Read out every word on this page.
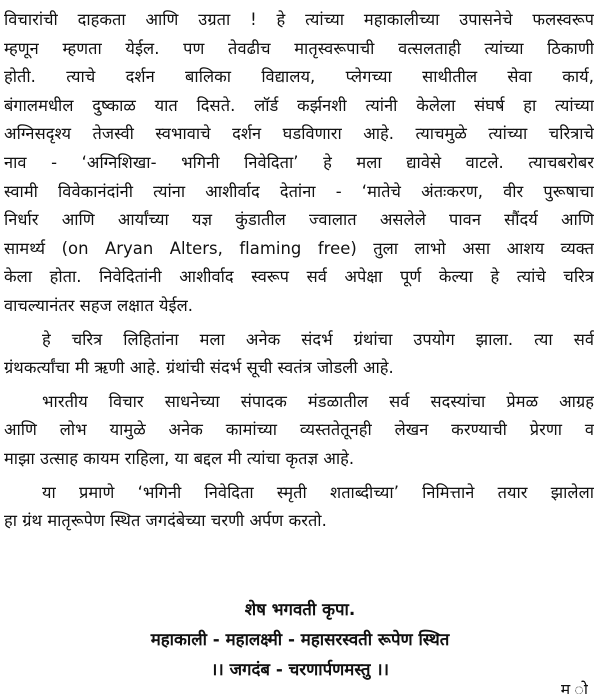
विचारांची दाहकता आणि उग्रता ! हे त्यांच्या महाकालीच्या उपासनेचे फलस्वरूप
म्हणून म्हणता येईल. पण तेवढीच मातृस्वरूपाची वत्सलताही त्यांच्या ठिकाणी
होती. त्याचे दर्शन बालिका विद्यालय, प्लेगच्या साथीतील सेवा कार्य,
बंगालमधील दुष्काळ यात दिसते. लॉर्ड कर्झनशी त्यांनी केलेला संघर्ष हा त्यांच्या
अग्निसदृश्य तेजस्वी स्वभावाचे दर्शन घडविणारा आहे. त्याचमुळे त्यांच्या चरित्राचे
नाव - ‘अग्निशिखा- भगिनी निवेदिता’ हे मला द्यावेसे वाटले. त्याचबरोबर
स्वामी विवेकानंदांनी त्यांना आशीर्वाद देतांना - ‘मातेचे अंतःकरण, वीर पुरूषाचा
निर्धार आणि आर्यांच्या यज्ञ कुंडातील ज्वालात असलेले पावन सौंदर्य आणि
सामर्थ्य (on Aryan Alters, flaming free) तुला लाभो असा आशय व्यक्त
केला होता. निवेदितांनी आशीर्वाद स्वरूप सर्व अपेक्षा पूर्ण केल्या हे त्यांचे चरित्र
वाचल्यानंतर सहज लक्षात येईल.
हे चरित्र लिहितांना मला अनेक संदर्भ ग्रंथांचा उपयोग झाला. त्या सर्व
ग्रंथकर्त्यांचा मी ऋणी आहे. ग्रंथांची संदर्भ सूची स्वतंत्र जोडली आहे.
भारतीय विचार साधनेच्या संपादक मंडळातील सर्व सदस्यांचा प्रेमळ आग्रह
आणि लोभ यामुळे अनेक कामांच्या व्यस्ततेतूनही लेखन करण्याची प्रेरणा व
माझा उत्साह कायम राहिला, या बद्दल मी त्यांचा कृतज्ञ आहे.
या प्रमाणे ‘भगिनी निवेदिता स्मृती शताब्दीच्या’ निमित्ताने तयार झालेला
हा ग्रंथ मातृरूपेण स्थित जगदंबेच्या चरणी अर्पण करतो.
शेष भगवती कृपा.
महाकाली - महालक्ष्मी - महासरस्वती रूपेण स्थित
।। जगदंब - चरणार्पणमस्तु ।।
म ोे
